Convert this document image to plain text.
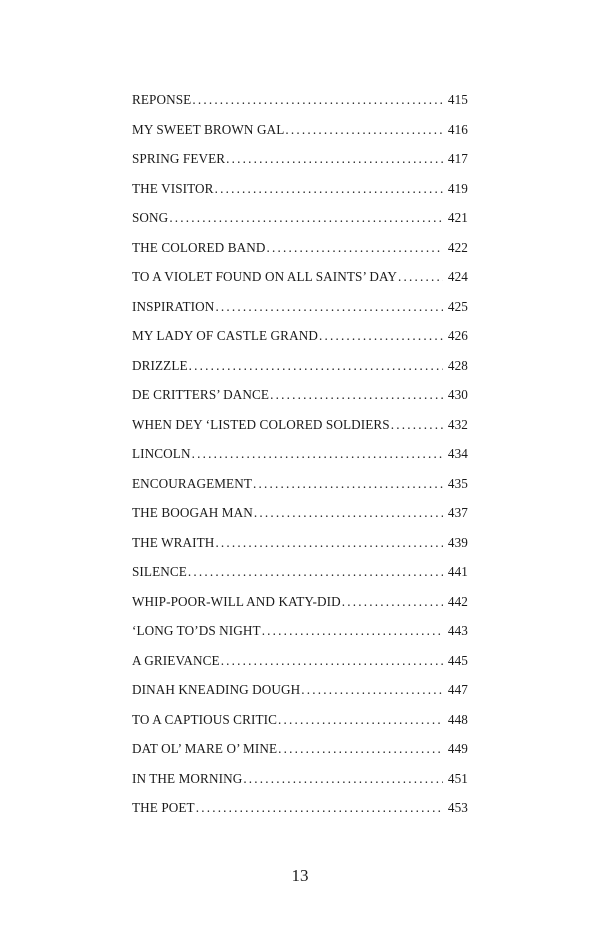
REPONSE .....	415
MY SWEET BROWN GAL .....	416
SPRING FEVER .....	417
THE VISITOR .....	419
SONG .....	421
THE COLORED BAND .....	422
TO A VIOLET FOUND ON ALL SAINTS’ DAY .....	424
INSPIRATION .....	425
MY LADY OF CASTLE GRAND .....	426
DRIZZLE .....	428
DE CRITTERS’ DANCE .....	430
WHEN DEY ‘LISTED COLORED SOLDIERS .....	432
LINCOLN .....	434
ENCOURAGEMENT .....	435
THE BOOGAH MAN .....	437
THE WRAITH .....	439
SILENCE .....	441
WHIP-POOR-WILL AND KATY-DID .....	442
‘LONG TO’DS NIGHT .....	443
A GRIEVANCE .....	445
DINAH KNEADING DOUGH .....	447
TO A CAPTIOUS CRITIC .....	448
DAT OL’ MARE O’ MINE .....	449
IN THE MORNING .....	451
THE POET .....	453
13
